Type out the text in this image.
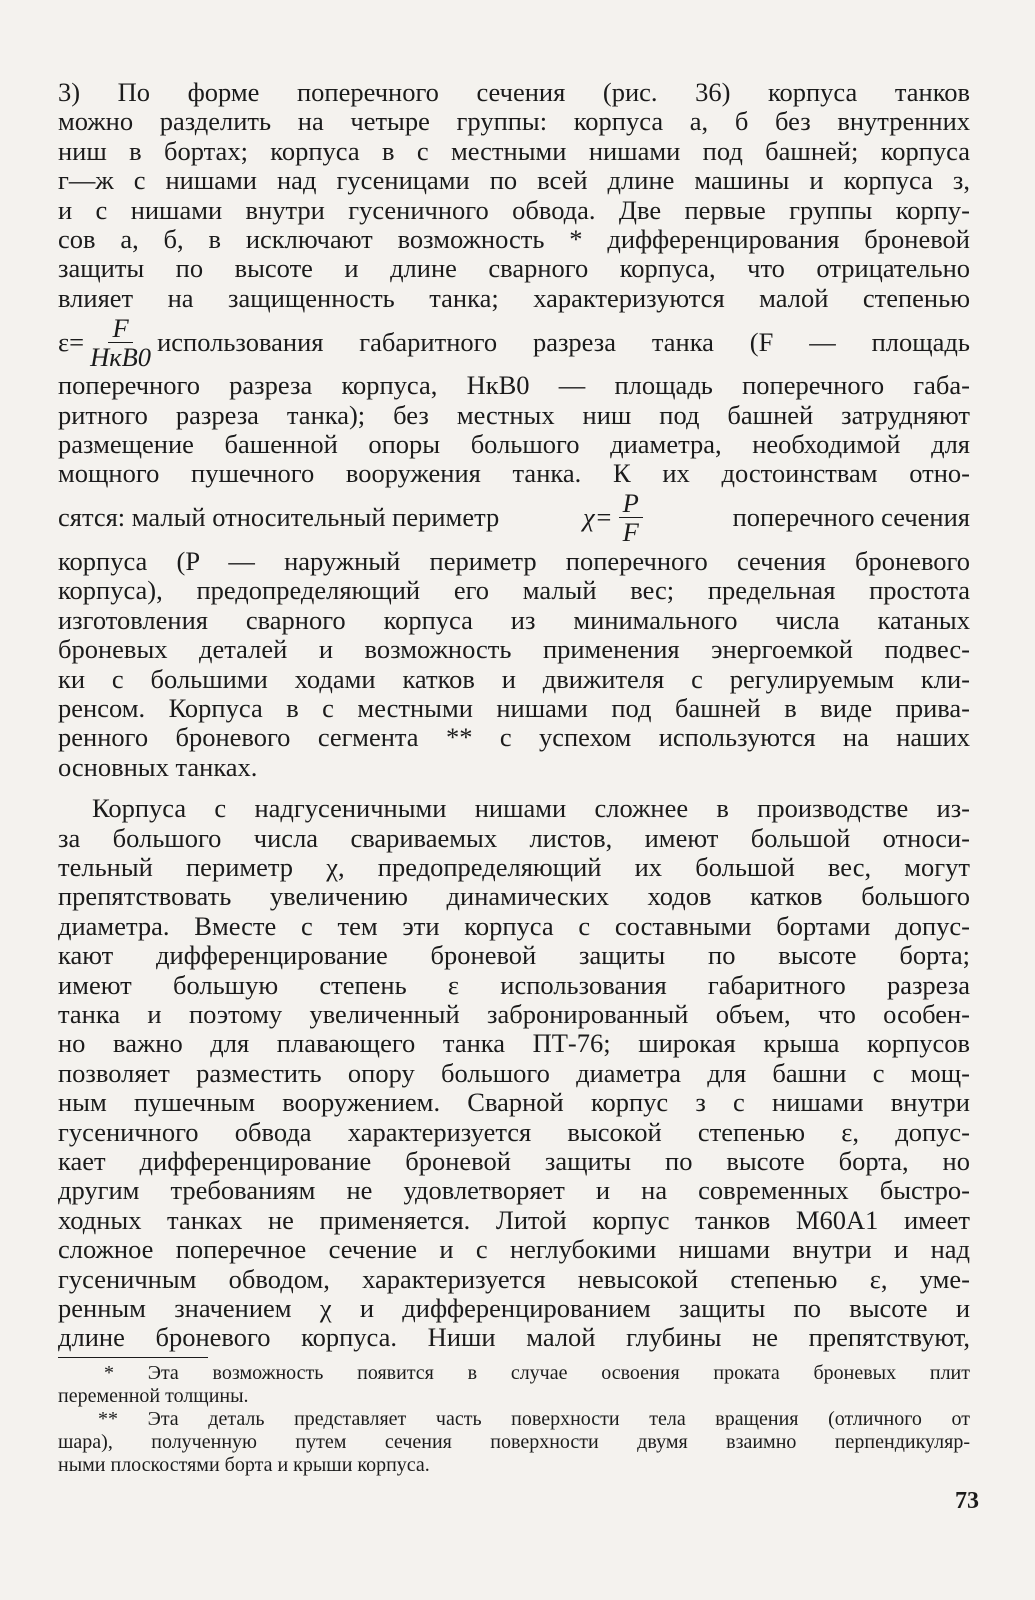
3) По форме поперечного сечения (рис. 36) корпуса танков
можно разделить на четыре группы: корпуса а, б без внутренних
ниш в бортах; корпуса в с местными нишами под башней; корпуса
г—ж с нишами над гусеницами по всей длине машины и корпуса з,
и с нишами внутри гусеничного обвода. Две первые группы корпу-
сов а, б, в исключают возможность * дифференцирования броневой
защиты по высоте и длине сварного корпуса, что отрицательно
влияет на защищенность танка; характеризуются малой степенью

$\varepsilon= \frac{F}{\text{HкB0}}$ использования габаритного разреза танка (F — площадь

поперечного разреза корпуса, HкB0 — площадь поперечного габа-
ритного разреза танка); без местных ниш под башней затрудняют
размещение башенной опоры большого диаметра, необходимой для
мощного пушечного вооружения танка. К их достоинствам отно-

сятся: малый относительный периметр	$\chi= \frac{P}{F}$	поперечного сечения

корпуса (P — наружный периметр поперечного сечения броневого
корпуса), предопределяющий его малый вес; предельная простота
изготовления сварного корпуса из минимального числа катаных
броневых деталей и возможность применения энергоемкой подвес-
ки с большими ходами катков и движителя с регулируемым кли-
ренсом. Корпуса в с местными нишами под башней в виде прива-
ренного броневого сегмента ** с успехом используются на наших
основных танках.

Корпуса с надгусеничными нишами сложнее в производстве из-
за большого числа свариваемых листов, имеют большой относи-
тельный периметр χ, предопределяющий их большой вес, могут
препятствовать увеличению динамических ходов катков большого
диаметра. Вместе с тем эти корпуса с составными бортами допус-
кают дифференцирование броневой защиты по высоте борта;
имеют большую степень ε использования габаритного разреза
танка и поэтому увеличенный забронированный объем, что особен-
но важно для плавающего танка ПТ-76; широкая крыша корпусов
позволяет разместить опору большого диаметра для башни с мощ-
ным пушечным вооружением. Сварной корпус з с нишами внутри
гусеничного обвода характеризуется высокой степенью ε, допус-
кает дифференцирование броневой защиты по высоте борта, но
другим требованиям не удовлетворяет и на современных быстро-
ходных танках не применяется. Литой корпус танков М60А1 имеет
сложное поперечное сечение и с неглубокими нишами внутри и над
гусеничным обводом, характеризуется невысокой степенью ε, уме-
ренным значением χ и дифференцированием защиты по высоте и
длине броневого корпуса. Ниши малой глубины не препятствуют,

* Эта возможность появится в случае освоения проката броневых плит
переменной толщины.

** Эта деталь представляет часть поверхности тела вращения (отличного от
шара), полученную путем сечения поверхности двумя взаимно перпендикуляр-
ными плоскостями борта и крыши корпуса.

73
